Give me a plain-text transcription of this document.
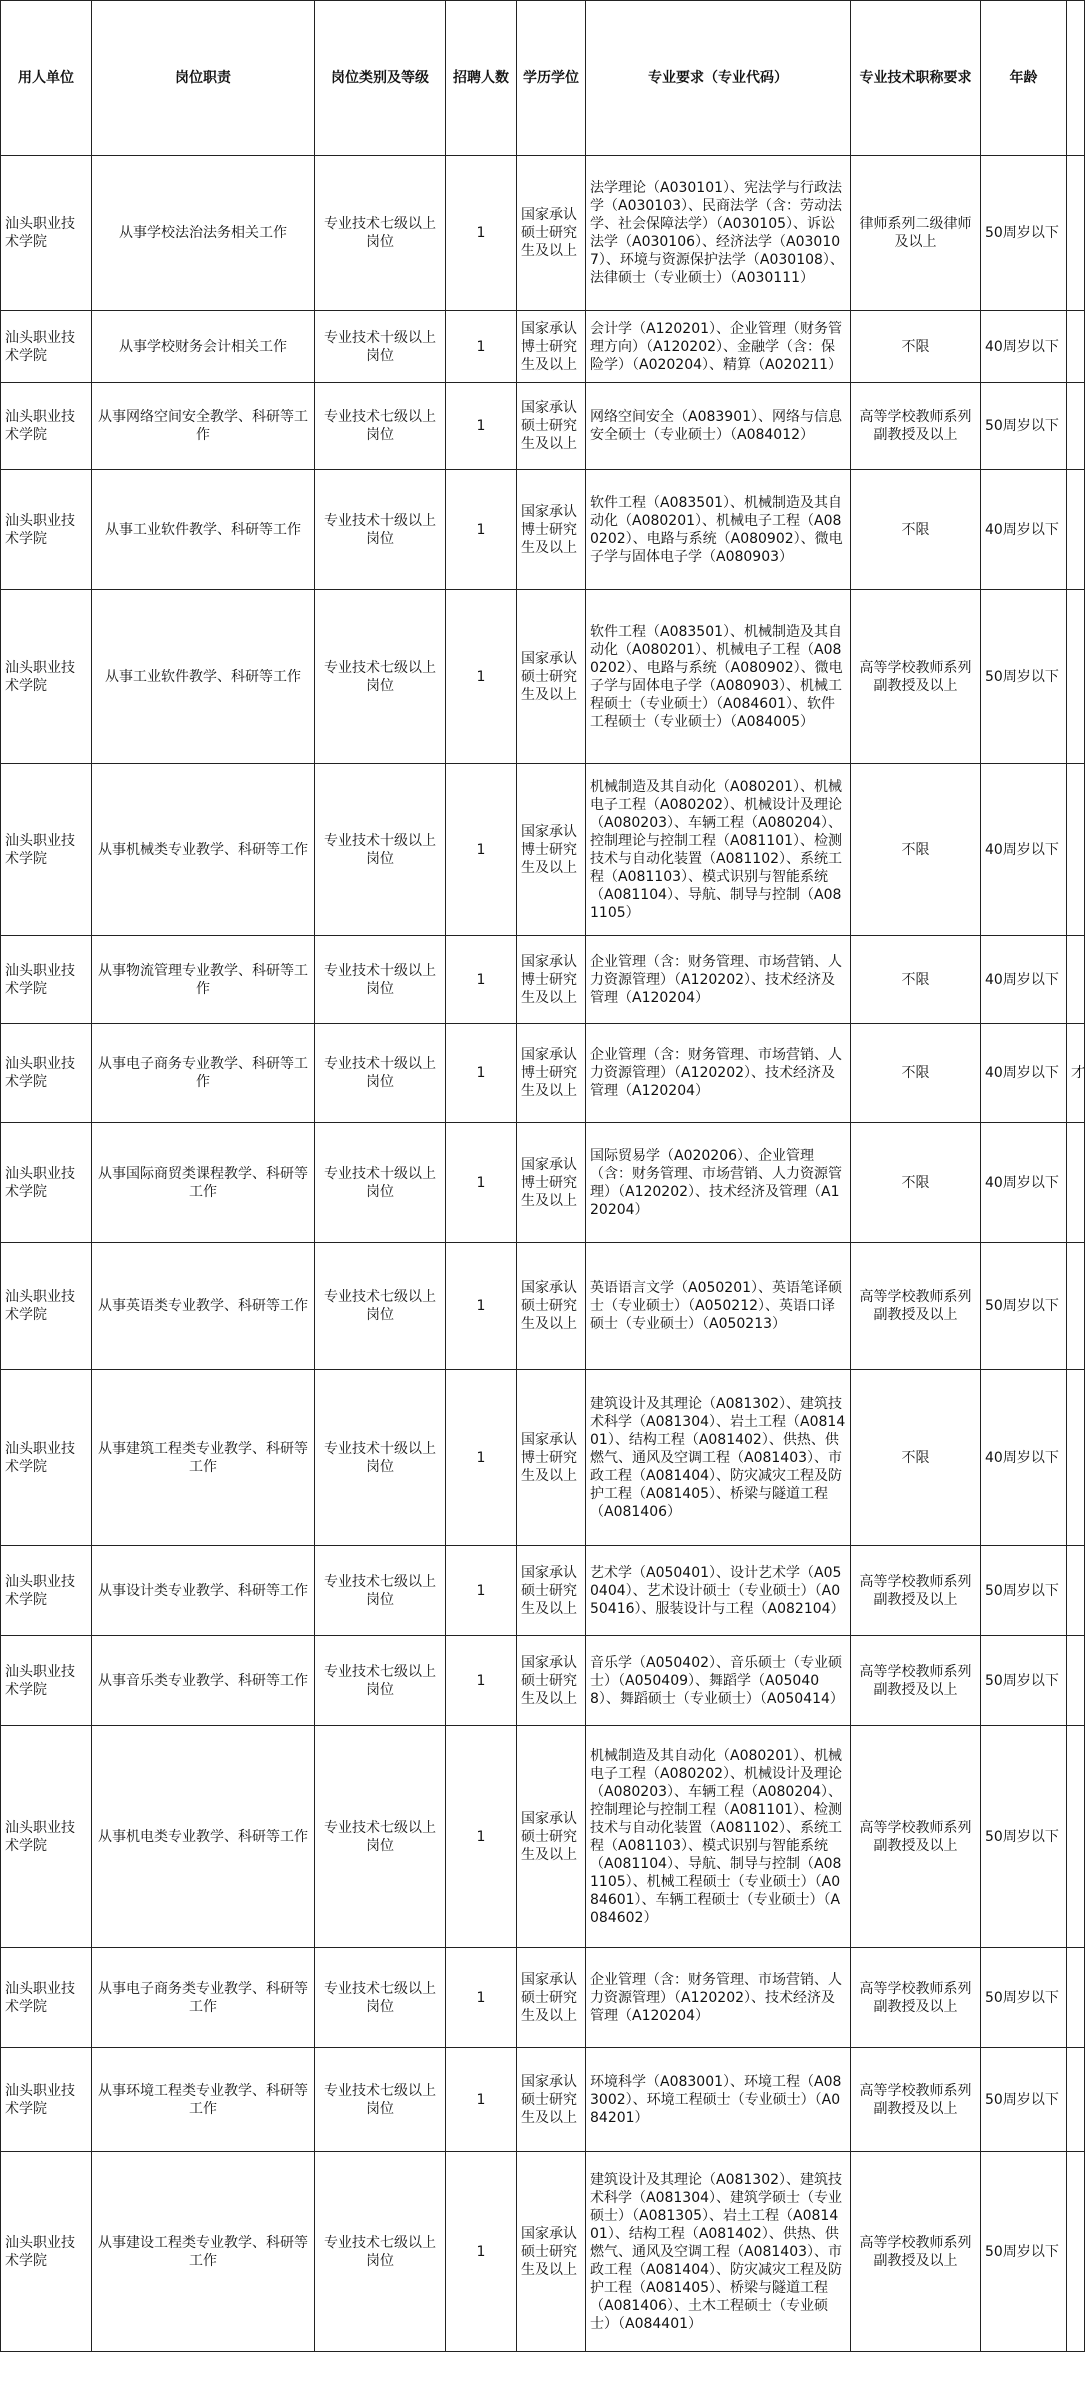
用人单位	岗位职责	岗位类别及等级	招聘人数	学历学位	专业要求（专业代码）	专业技术职称要求	年龄	
汕头职业技术学院	从事学校法治法务相关工作	专业技术七级以上岗位	1	国家承认硕士研究生及以上	法学理论（A030101）、宪法学与行政法学（A030103）、民商法学（含：劳动法学、社会保障法学）（A030105）、诉讼法学（A030106）、经济法学（A030107）、环境与资源保护法学（A030108）、法律硕士（专业硕士）（A030111）	律师系列二级律师及以上	50周岁以下	
汕头职业技术学院	从事学校财务会计相关工作	专业技术十级以上岗位	1	国家承认博士研究生及以上	会计学（A120201）、企业管理（财务管理方向）（A120202）、金融学（含：保险学）（A020204）、精算（A020211）	不限	40周岁以下	
汕头职业技术学院	从事网络空间安全教学、科研等工作	专业技术七级以上岗位	1	国家承认硕士研究生及以上	网络空间安全（A083901）、网络与信息安全硕士（专业硕士）（A084012）	高等学校教师系列副教授及以上	50周岁以下	
汕头职业技术学院	从事工业软件教学、科研等工作	专业技术十级以上岗位	1	国家承认博士研究生及以上	软件工程（A083501）、机械制造及其自动化（A080201）、机械电子工程（A080202）、电路与系统（A080902）、微电子学与固体电子学（A080903）	不限	40周岁以下	
汕头职业技术学院	从事工业软件教学、科研等工作	专业技术七级以上岗位	1	国家承认硕士研究生及以上	软件工程（A083501）、机械制造及其自动化（A080201）、机械电子工程（A080202）、电路与系统（A080902）、微电子学与固体电子学（A080903）、机械工程硕士（专业硕士）（A084601）、软件工程硕士（专业硕士）（A084005）	高等学校教师系列副教授及以上	50周岁以下	
汕头职业技术学院	从事机械类专业教学、科研等工作	专业技术十级以上岗位	1	国家承认博士研究生及以上	机械制造及其自动化（A080201）、机械电子工程（A080202）、机械设计及理论（A080203）、车辆工程（A080204）、控制理论与控制工程（A081101）、检测技术与自动化装置（A081102）、系统工程（A081103）、模式识别与智能系统（A081104）、导航、制导与控制（A081105）	不限	40周岁以下	
汕头职业技术学院	从事物流管理专业教学、科研等工作	专业技术十级以上岗位	1	国家承认博士研究生及以上	企业管理（含：财务管理、市场营销、人力资源管理）（A120202）、技术经济及管理（A120204）	不限	40周岁以下	
汕头职业技术学院	从事电子商务专业教学、科研等工作	专业技术十级以上岗位	1	国家承认博士研究生及以上	企业管理（含：财务管理、市场营销、人力资源管理）（A120202）、技术经济及管理（A120204）	不限	40周岁以下	才
汕头职业技术学院	从事国际商贸类课程教学、科研等工作	专业技术十级以上岗位	1	国家承认博士研究生及以上	国际贸易学（A020206）、企业管理（含：财务管理、市场营销、人力资源管理）（A120202）、技术经济及管理（A120204）	不限	40周岁以下	
汕头职业技术学院	从事英语类专业教学、科研等工作	专业技术七级以上岗位	1	国家承认硕士研究生及以上	英语语言文学（A050201）、英语笔译硕士（专业硕士）（A050212）、英语口译硕士（专业硕士）（A050213）	高等学校教师系列副教授及以上	50周岁以下	
汕头职业技术学院	从事建筑工程类专业教学、科研等工作	专业技术十级以上岗位	1	国家承认博士研究生及以上	建筑设计及其理论（A081302）、建筑技术科学（A081304）、岩土工程（A081401）、结构工程（A081402）、供热、供燃气、通风及空调工程（A081403）、市政工程（A081404）、防灾减灾工程及防护工程（A081405）、桥梁与隧道工程（A081406）	不限	40周岁以下	
汕头职业技术学院	从事设计类专业教学、科研等工作	专业技术七级以上岗位	1	国家承认硕士研究生及以上	艺术学（A050401）、设计艺术学（A050404）、艺术设计硕士（专业硕士）（A050416）、服装设计与工程（A082104）	高等学校教师系列副教授及以上	50周岁以下	
汕头职业技术学院	从事音乐类专业教学、科研等工作	专业技术七级以上岗位	1	国家承认硕士研究生及以上	音乐学（A050402）、音乐硕士（专业硕士）（A050409）、舞蹈学（A050408）、舞蹈硕士（专业硕士）（A050414）	高等学校教师系列副教授及以上	50周岁以下	
汕头职业技术学院	从事机电类专业教学、科研等工作	专业技术七级以上岗位	1	国家承认硕士研究生及以上	机械制造及其自动化（A080201）、机械电子工程（A080202）、机械设计及理论（A080203）、车辆工程（A080204）、控制理论与控制工程（A081101）、检测技术与自动化装置（A081102）、系统工程（A081103）、模式识别与智能系统（A081104）、导航、制导与控制（A081105）、机械工程硕士（专业硕士）（A084601）、车辆工程硕士（专业硕士）（A084602）	高等学校教师系列副教授及以上	50周岁以下	
汕头职业技术学院	从事电子商务类专业教学、科研等工作	专业技术七级以上岗位	1	国家承认硕士研究生及以上	企业管理（含：财务管理、市场营销、人力资源管理）（A120202）、技术经济及管理（A120204）	高等学校教师系列副教授及以上	50周岁以下	
汕头职业技术学院	从事环境工程类专业教学、科研等工作	专业技术七级以上岗位	1	国家承认硕士研究生及以上	环境科学（A083001）、环境工程（A083002）、环境工程硕士（专业硕士）（A084201）	高等学校教师系列副教授及以上	50周岁以下	
汕头职业技术学院	从事建设工程类专业教学、科研等工作	专业技术七级以上岗位	1	国家承认硕士研究生及以上	建筑设计及其理论（A081302）、建筑技术科学（A081304）、建筑学硕士（专业硕士）（A081305）、岩土工程（A081401）、结构工程（A081402）、供热、供燃气、通风及空调工程（A081403）、市政工程（A081404）、防灾减灾工程及防护工程（A081405）、桥梁与隧道工程（A081406）、土木工程硕士（专业硕士）（A084401）	高等学校教师系列副教授及以上	50周岁以下	
